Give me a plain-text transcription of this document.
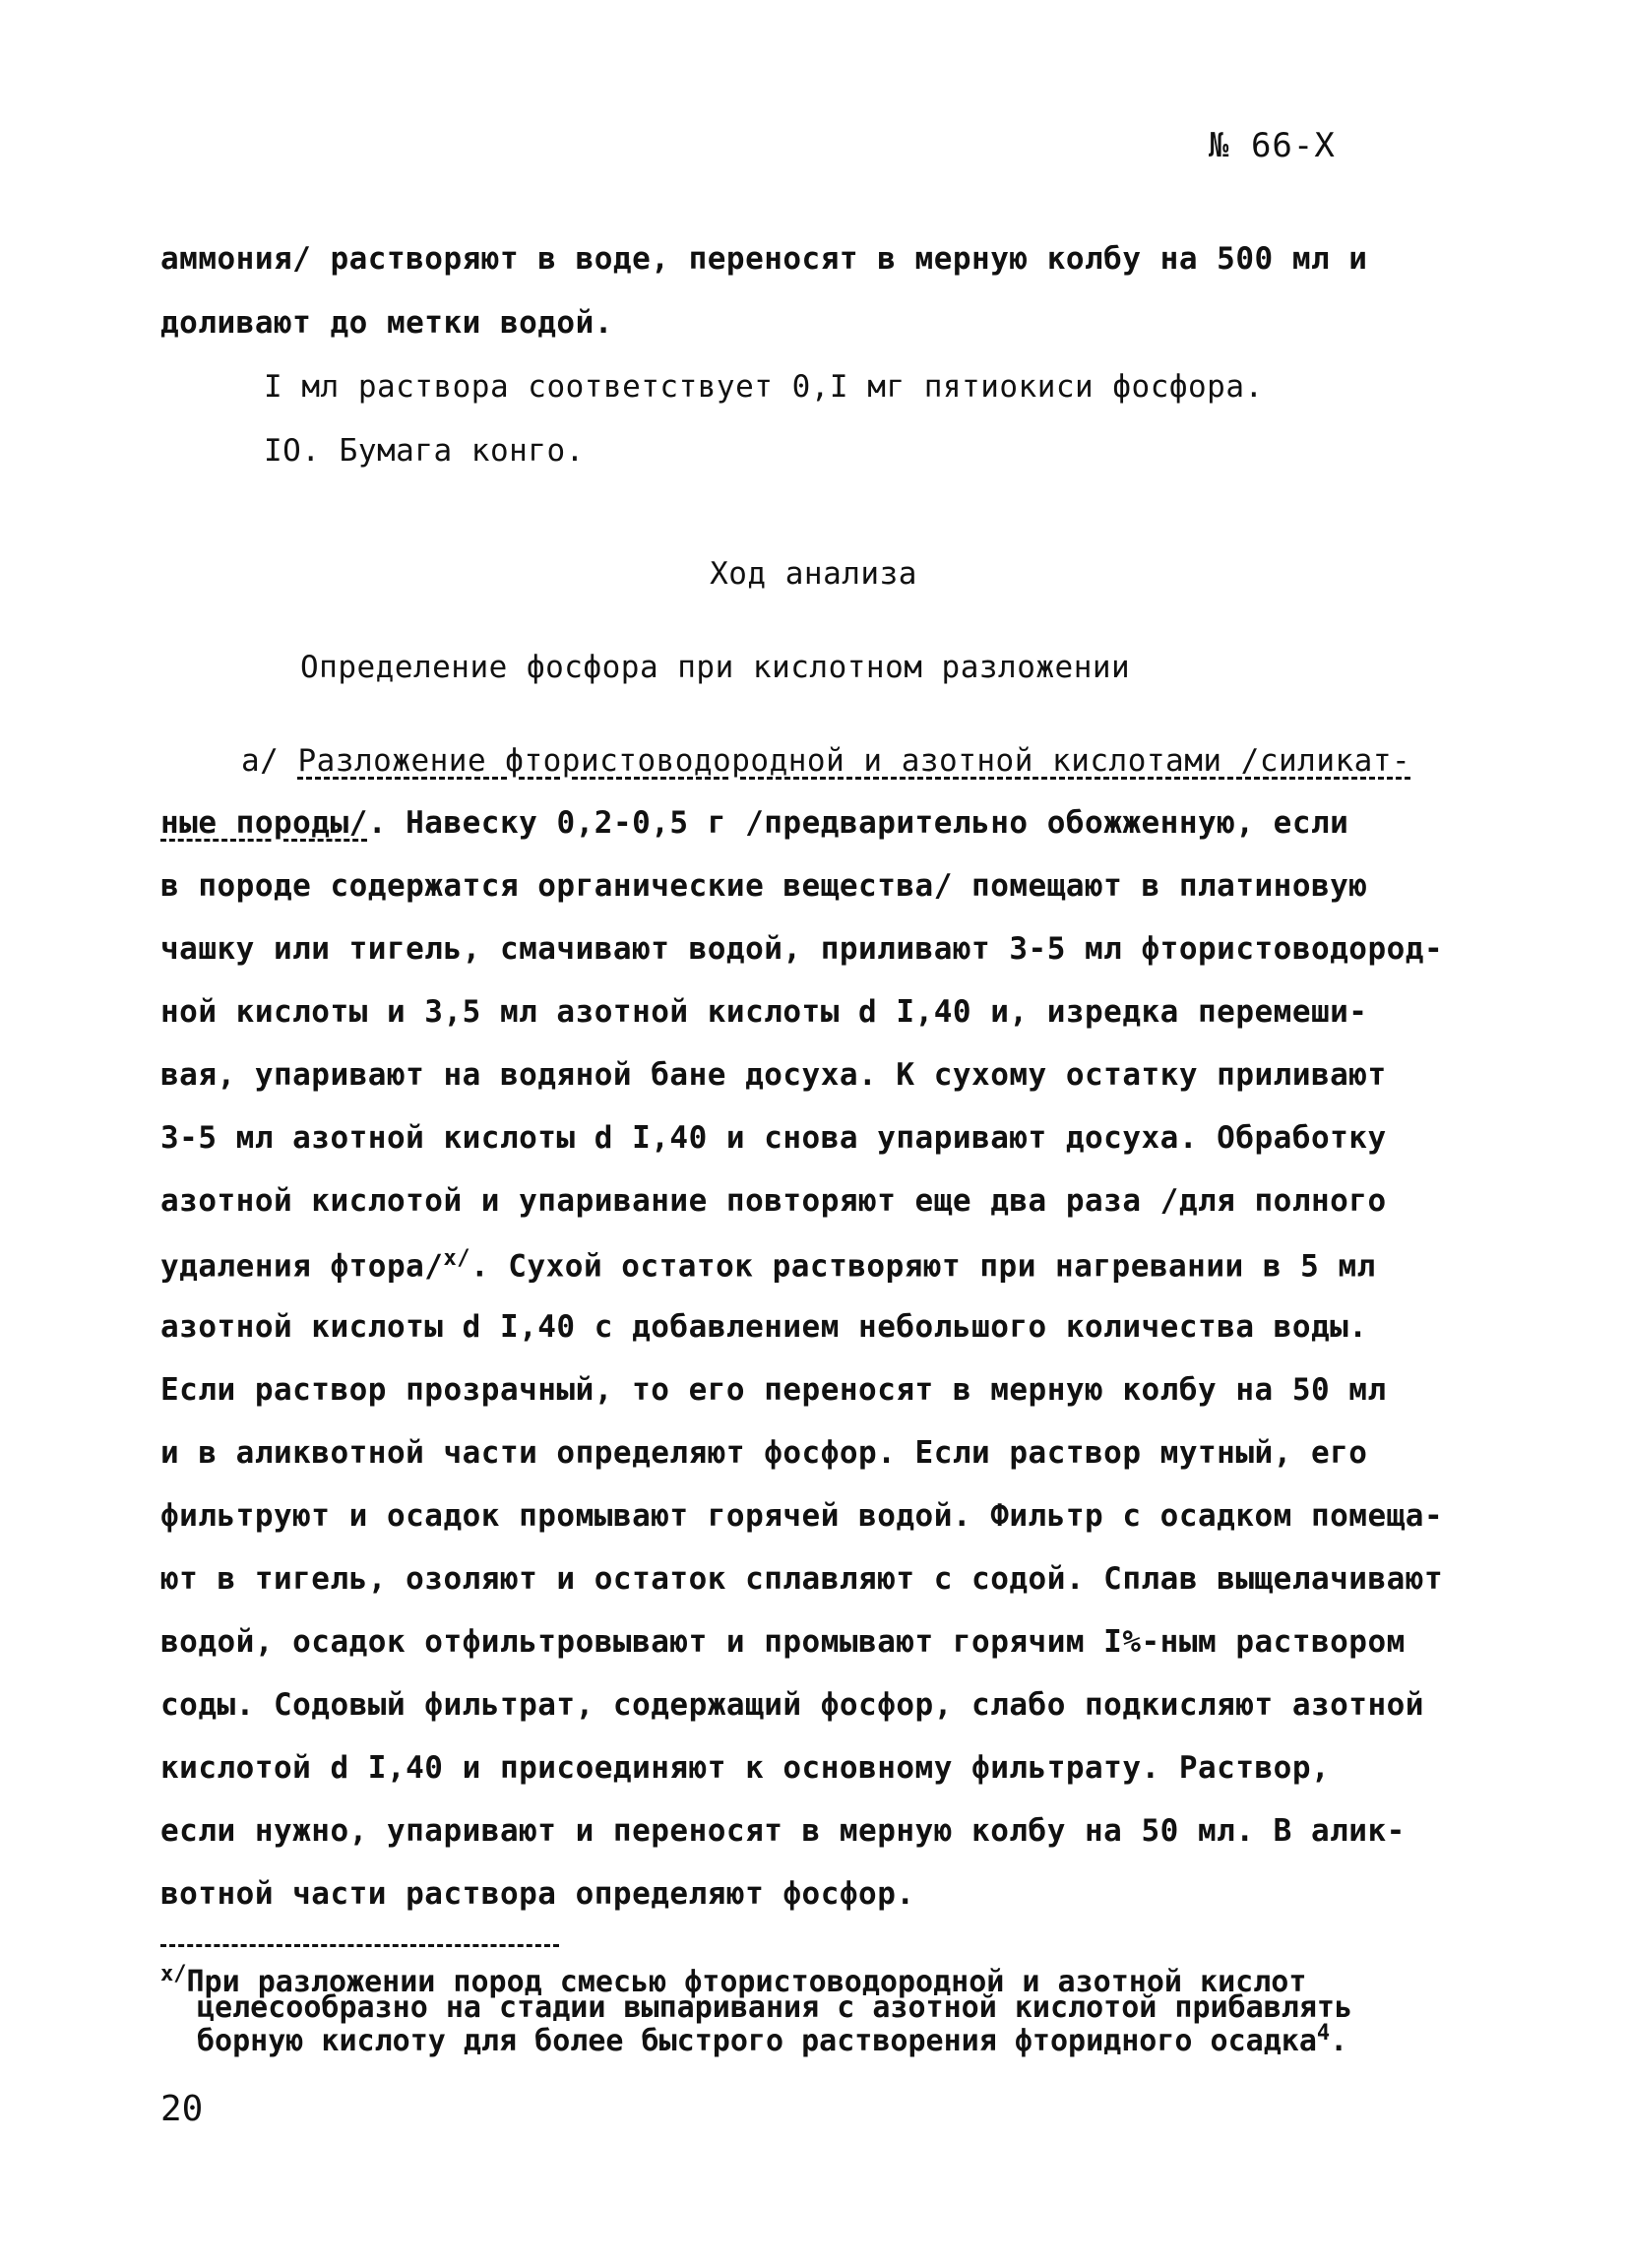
№ 66-Х
аммония/ растворяют в воде, переносят в мерную колбу на 500 мл и
доливают до метки водой.
I мл раствора соответствует 0,I мг пятиокиси фосфора.
IO. Бумага конго.
Ход анализа
Определение фосфора при кислотном разложении
а/ Разложение фтористоводородной и азотной кислотами /силикат-
ные породы/. Навеску 0,2-0,5 г /предварительно обожженную, если
в породе содержатся органические вещества/ помещают в платиновую
чашку или тигель, смачивают водой, приливают 3-5 мл фтористоводород-
ной кислоты и 3,5 мл азотной кислоты d I,40 и, изредка перемеши-
вая, упаривают на водяной бане досуха. К сухому остатку приливают
3-5 мл азотной кислоты d I,40 и снова упаривают досуха. Обработку
азотной кислотой и упаривание повторяют еще два раза /для полного
удаления фтора/$^{х/}$. Сухой остаток растворяют при нагревании в 5 мл
азотной кислоты d I,40 с добавлением небольшого количества воды.
Если раствор прозрачный, то его переносят в мерную колбу на 50 мл
и в аликвотной части определяют фосфор. Если раствор мутный, его
фильтруют и осадок промывают горячей водой. Фильтр с осадком помеща-
ют в тигель, озоляют и остаток сплавляют с содой. Сплав выщелачивают
водой, осадок отфильтровывают и промывают горячим I%-ным раствором
соды. Содовый фильтрат, содержащий фосфор, слабо подкисляют азотной
кислотой d I,40 и присоединяют к основному фильтрату. Раствор,
если нужно, упаривают и переносят в мерную колбу на 50 мл. В алик-
вотной части раствора определяют фосфор.
$^{х/}$При разложении пород смесью фтористоводородной и азотной кислот
целесообразно на стадии выпаривания с азотной кислотой прибавлять
борную кислоту для более быстрого растворения фторидного осадка$^4$.
20
